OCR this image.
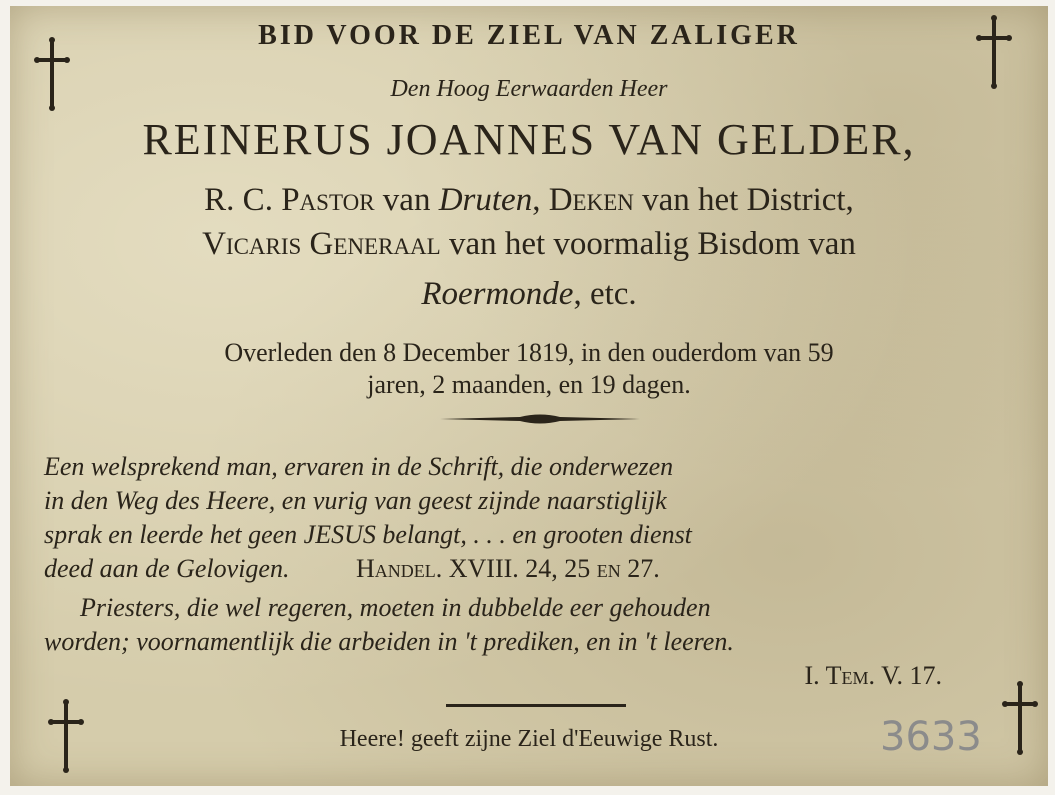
BID VOOR DE ZIEL VAN ZALIGER
Den Hoog Eerwaarden Heer
REINERUS JOANNES VAN GELDER,
R. C. Pastor van Druten, Deken van het District,
Vicaris Generaal van het voormalig Bisdom van
Roermonde, etc.
Overleden den 8 December 1819, in den ouderdom van 59
jaren, 2 maanden, en 19 dagen.
Een welsprekend man, ervaren in de Schrift, die onderwezen
in den Weg des Heere, en vurig van geest zijnde naarstiglijk
sprak en leerde het geen JESUS belangt, . . . en grooten dienst
deed aan de Gelovigen.	Handel. XVIII. 24, 25 en 27.
Priesters, die wel regeren, moeten in dubbelde eer gehouden
worden; voornamentlijk die arbeiden in 't prediken, en in 't leeren.
I. Tem. V. 17.
Heere! geeft zijne Ziel d'Eeuwige Rust.	3633
